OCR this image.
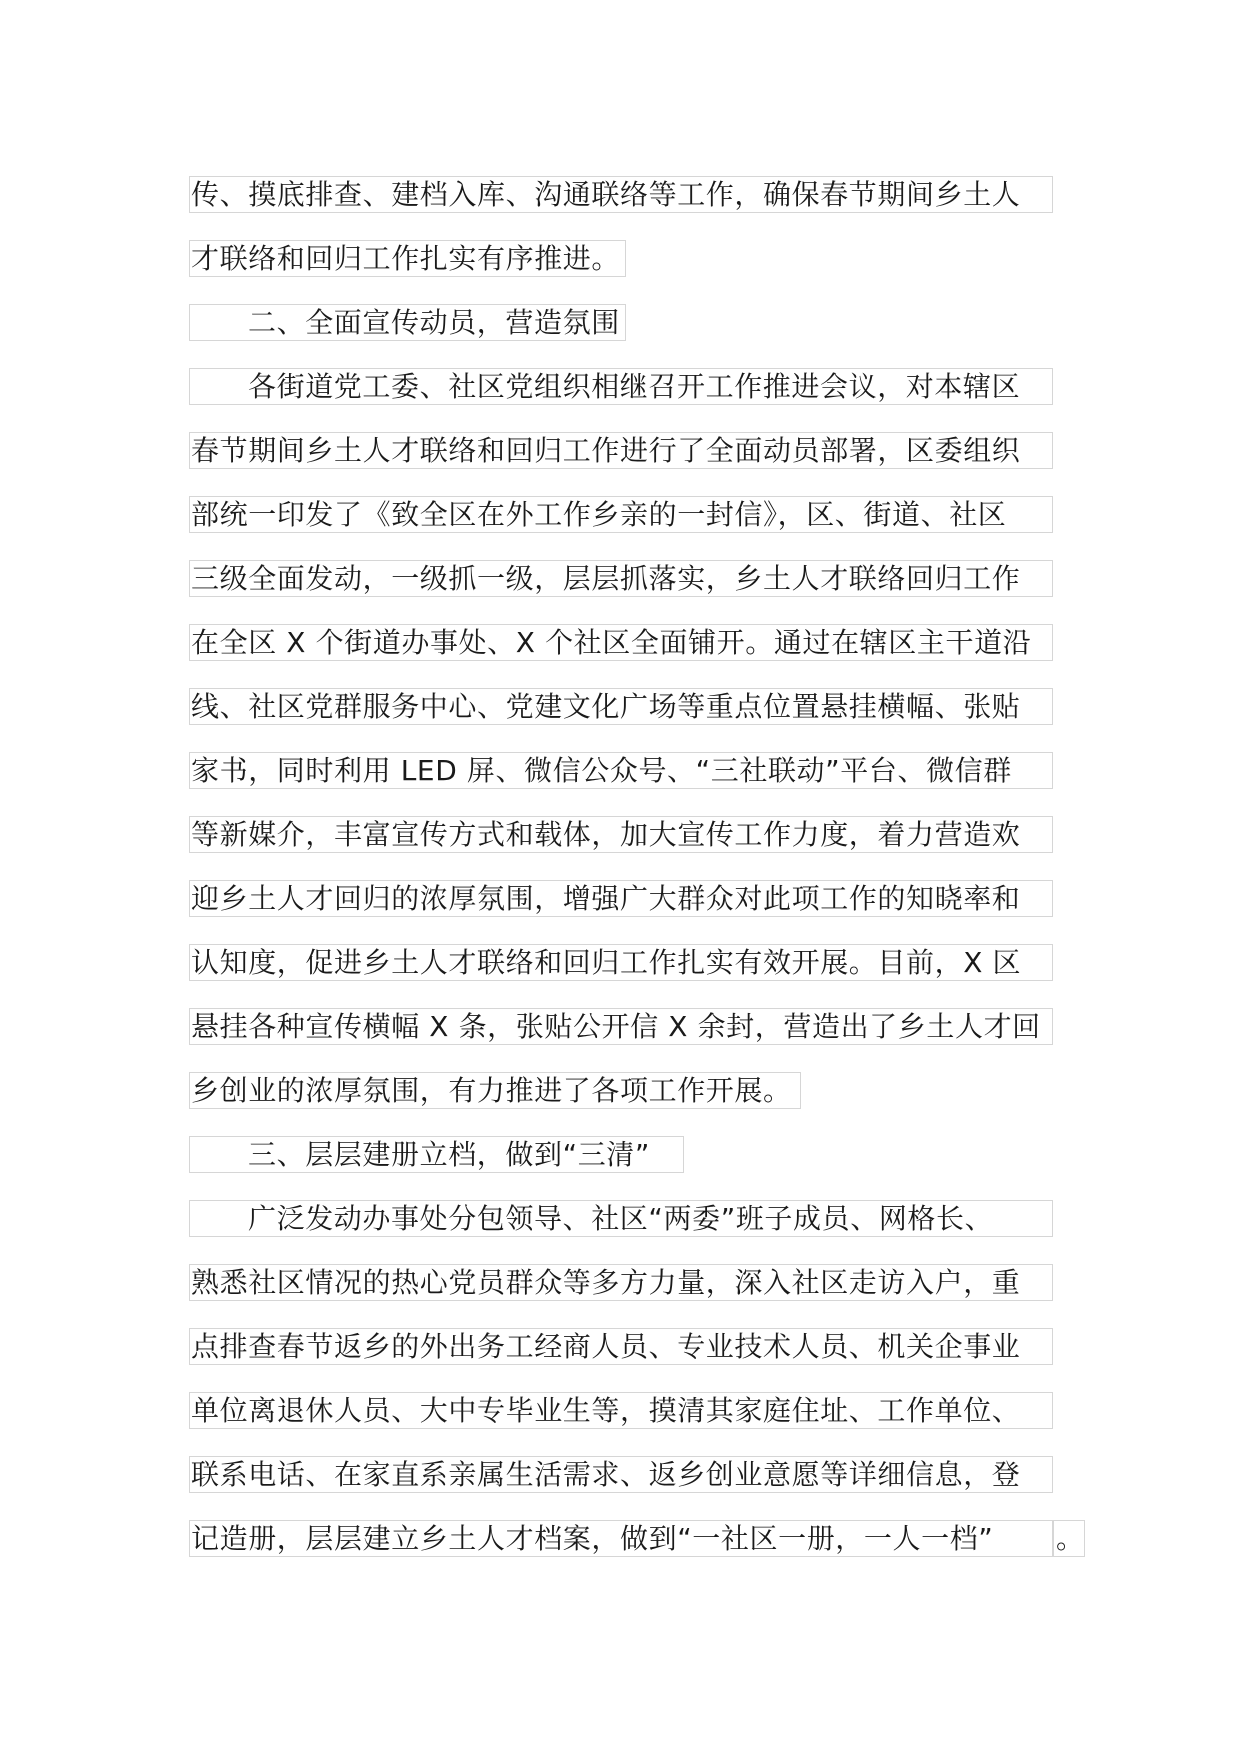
传、摸底排查、建档入库、沟通联络等工作，确保春节期间乡土人
才联络和回归工作扎实有序推进。
二、全面宣传动员，营造氛围
各街道党工委、社区党组织相继召开工作推进会议，对本辖区
春节期间乡土人才联络和回归工作进行了全面动员部署，区委组织
部统一印发了《致全区在外工作乡亲的一封信》，区、街道、社区
三级全面发动，一级抓一级，层层抓落实，乡土人才联络回归工作
在全区 X 个街道办事处、X 个社区全面铺开。通过在辖区主干道沿
线、社区党群服务中心、党建文化广场等重点位置悬挂横幅、张贴
家书，同时利用 LED 屏、微信公众号、“三社联动”平台、微信群
等新媒介，丰富宣传方式和载体，加大宣传工作力度，着力营造欢
迎乡土人才回归的浓厚氛围，增强广大群众对此项工作的知晓率和
认知度，促进乡土人才联络和回归工作扎实有效开展。目前，X 区
悬挂各种宣传横幅 X 条，张贴公开信 X 余封，营造出了乡土人才回
乡创业的浓厚氛围，有力推进了各项工作开展。
三、层层建册立档，做到“三清”
广泛发动办事处分包领导、社区“两委”班子成员、网格长、
熟悉社区情况的热心党员群众等多方力量，深入社区走访入户，重
点排查春节返乡的外出务工经商人员、专业技术人员、机关企事业
单位离退休人员、大中专毕业生等，摸清其家庭住址、工作单位、
联系电话、在家直系亲属生活需求、返乡创业意愿等详细信息，登
记造册，层层建立乡土人才档案，做到“一社区一册，一人一档”	。
